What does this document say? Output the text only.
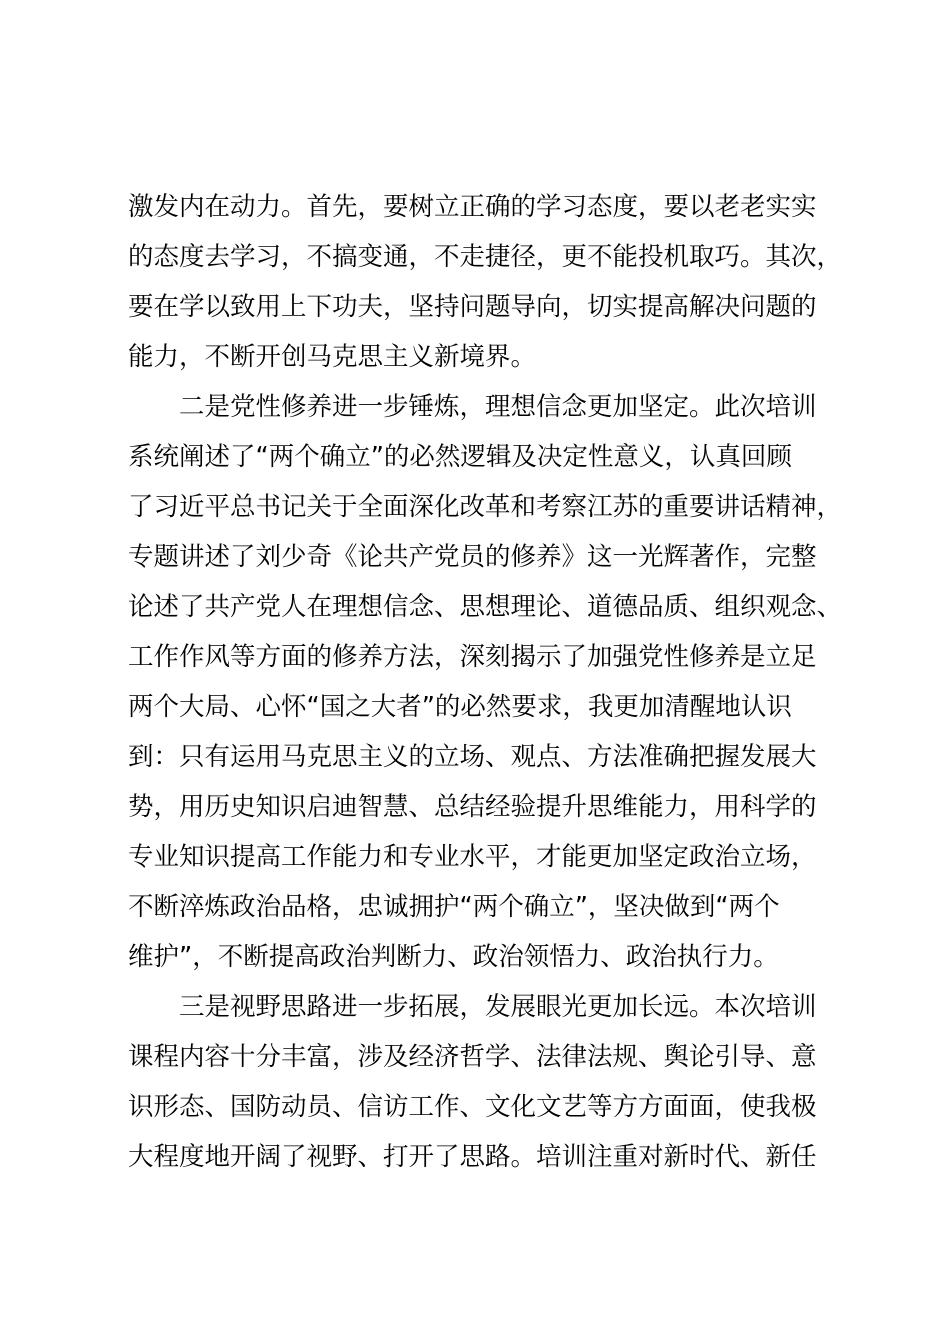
激发内在动力。首先，要树立正确的学习态度，要以老老实实
的态度去学习，不搞变通，不走捷径，更不能投机取巧。其次，
要在学以致用上下功夫，坚持问题导向，切实提高解决问题的
能力，不断开创马克思主义新境界。
二是党性修养进一步锤炼，理想信念更加坚定。此次培训
系统阐述了“两个确立”的必然逻辑及决定性意义，认真回顾
了习近平总书记关于全面深化改革和考察江苏的重要讲话精神，
专题讲述了刘少奇《论共产党员的修养》这一光辉著作，完整
论述了共产党人在理想信念、思想理论、道德品质、组织观念、
工作作风等方面的修养方法，深刻揭示了加强党性修养是立足
两个大局、心怀“国之大者”的必然要求，我更加清醒地认识
到：只有运用马克思主义的立场、观点、方法准确把握发展大
势，用历史知识启迪智慧、总结经验提升思维能力，用科学的
专业知识提高工作能力和专业水平，才能更加坚定政治立场，
不断淬炼政治品格，忠诚拥护“两个确立”，坚决做到“两个
维护”，不断提高政治判断力、政治领悟力、政治执行力。
三是视野思路进一步拓展，发展眼光更加长远。本次培训
课程内容十分丰富，涉及经济哲学、法律法规、舆论引导、意
识形态、国防动员、信访工作、文化文艺等方方面面，使我极
大程度地开阔了视野、打开了思路。培训注重对新时代、新任
